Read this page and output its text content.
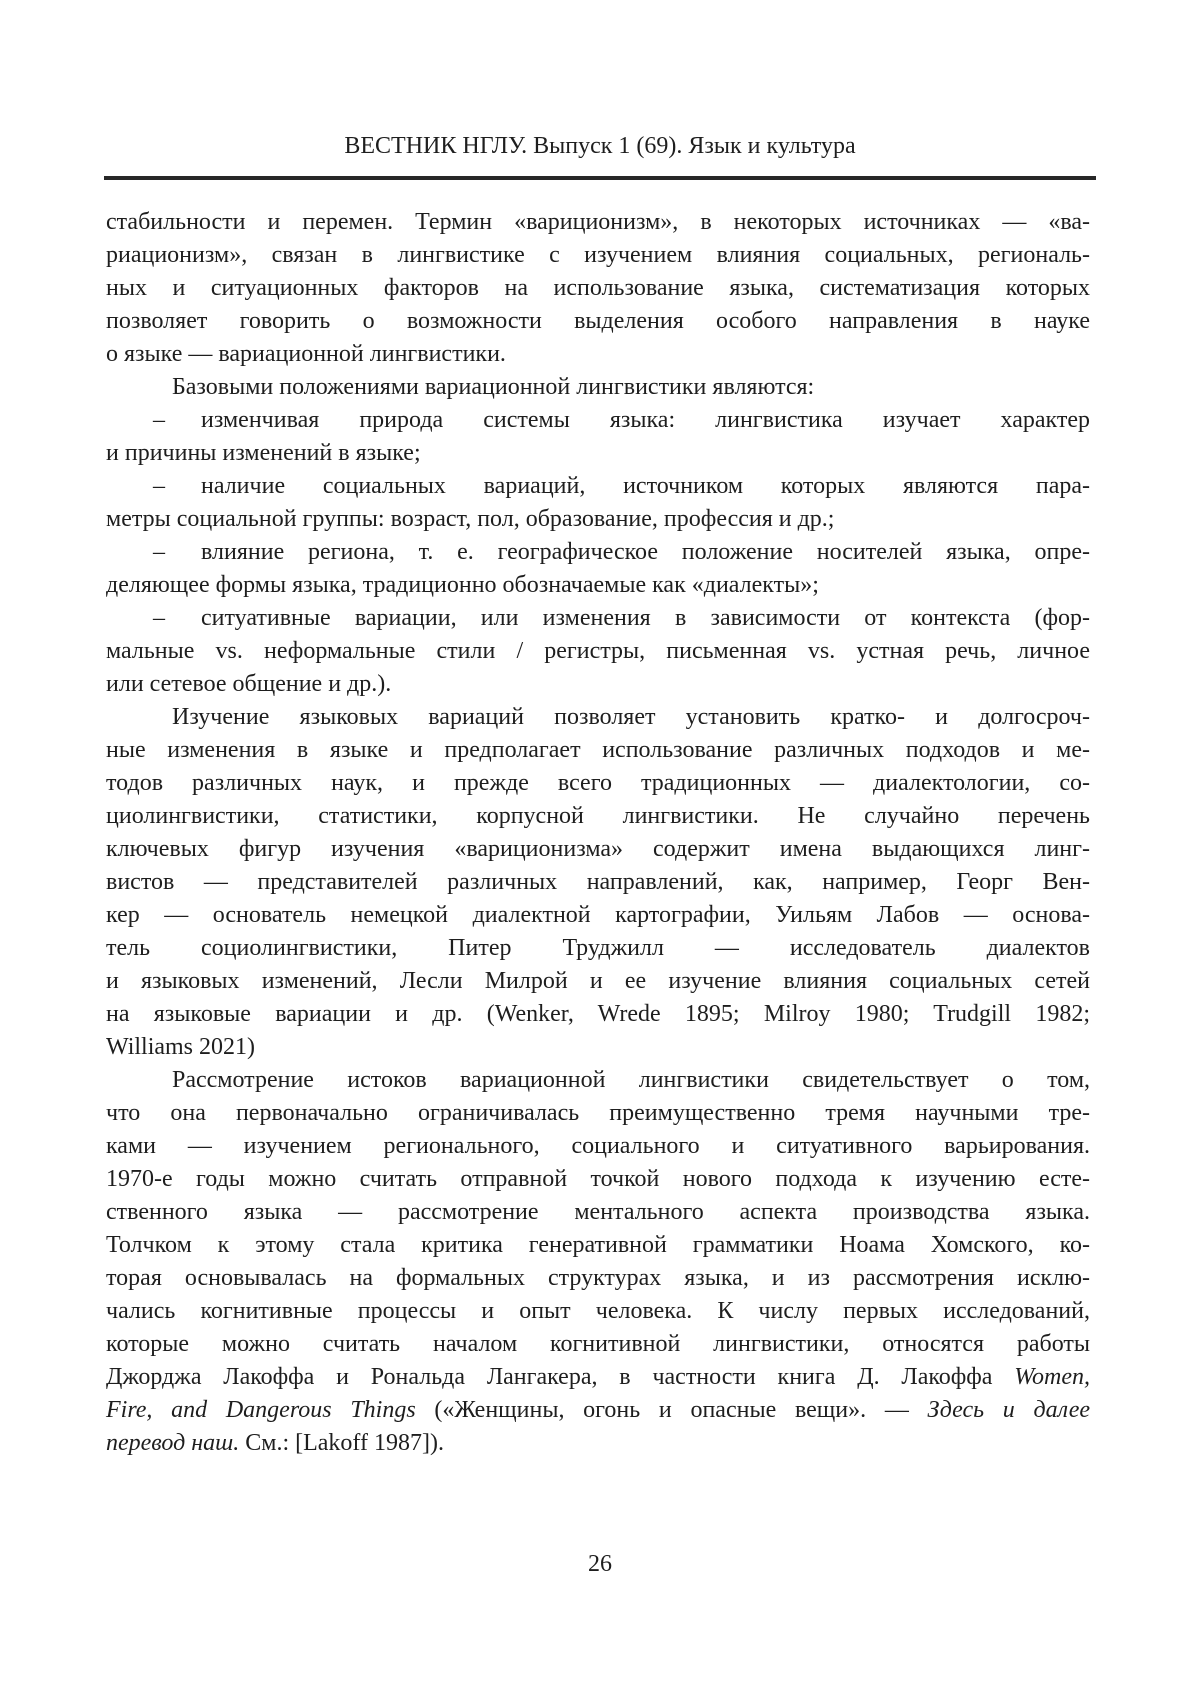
ВЕСТНИК НГЛУ. Выпуск 1 (69). Язык и культура
стабильности и перемен. Термин «вариционизм», в некоторых источниках — «ва-
риационизм», связан в лингвистике с изучением влияния социальных, региональ-
ных и ситуационных факторов на использование языка, систематизация которых
позволяет говорить о возможности выделения особого направления в науке
о языке — вариационной лингвистики.
Базовыми положениями вариационной лингвистики являются:
–  изменчивая природа системы языка: лингвистика изучает характер
и причины изменений в языке;
–  наличие социальных вариаций, источником которых являются пара-
метры социальной группы: возраст, пол, образование, профессия и др.;
–  влияние региона, т. е. географическое положение носителей языка, опре-
деляющее формы языка, традиционно обозначаемые как «диалекты»;
–  ситуативные вариации, или изменения в зависимости от контекста (фор-
мальные vs. неформальные стили / регистры, письменная vs. устная речь, личное
или сетевое общение и др.).
Изучение языковых вариаций позволяет установить кратко- и долгосроч-
ные изменения в языке и предполагает использование различных подходов и ме-
тодов различных наук, и прежде всего традиционных — диалектологии, со-
циолингвистики, статистики, корпусной лингвистики. Не случайно перечень
ключевых фигур изучения «вариционизма» содержит имена выдающихся линг-
вистов — представителей различных направлений, как, например, Георг Вен-
кер — основатель немецкой диалектной картографии, Уильям Лабов — основа-
тель социолингвистики, Питер Труджилл — исследователь диалектов
и языковых изменений, Лесли Милрой и ее изучение влияния социальных сетей
на языковые вариации и др. (Wenker, Wrede 1895; Milroy 1980; Trudgill 1982;
Williams 2021)
Рассмотрение истоков вариационной лингвистики свидетельствует о том,
что она первоначально ограничивалась преимущественно тремя научными тре-
ками — изучением регионального, социального и ситуативного варьирования.
1970-е годы можно считать отправной точкой нового подхода к изучению есте-
ственного языка — рассмотрение ментального аспекта производства языка.
Толчком к этому стала критика генеративной грамматики Ноама Хомского, ко-
торая основывалась на формальных структурах языка, и из рассмотрения исклю-
чались когнитивные процессы и опыт человека. К числу первых исследований,
которые можно считать началом когнитивной лингвистики, относятся работы
Джорджа Лакоффа и Рональда Лангакера, в частности книга Д. Лакоффа Women,
Fire, and Dangerous Things («Женщины, огонь и опасные вещи». — Здесь и далее
перевод наш. См.: [Lakoff 1987]).
26
